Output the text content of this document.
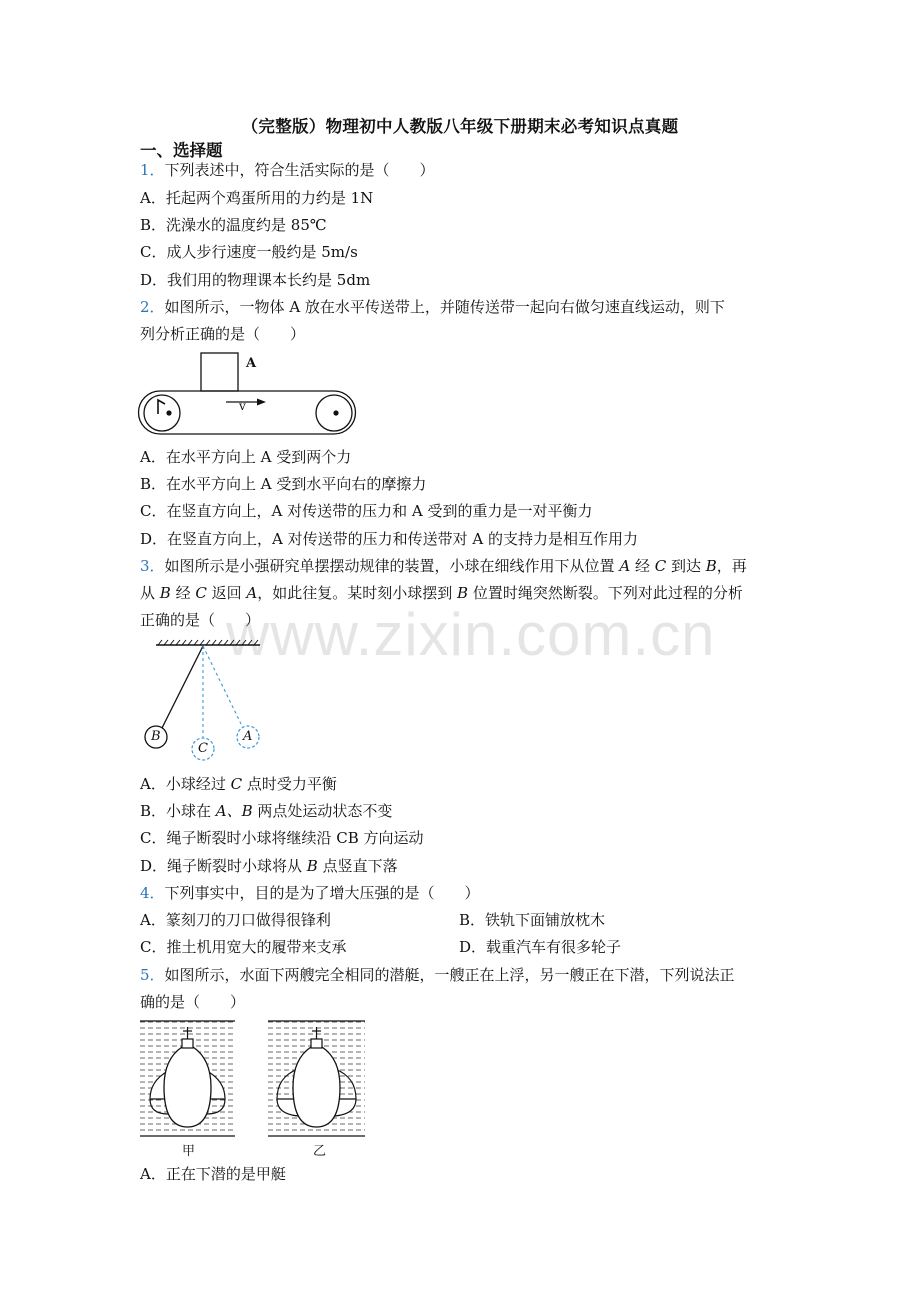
（完整版）物理初中人教版八年级下册期末必考知识点真题
一、选择题
www.zixin.com.cn
1．下列表述中，符合生活实际的是（　　）
A．托起两个鸡蛋所用的力约是 1N
B．洗澡水的温度约是 85℃
C．成人步行速度一般约是 5m/s
D．我们用的物理课本长约是 5dm
2．如图所示，一物体 A 放在水平传送带上，并随传送带一起向右做匀速直线运动，则下
列分析正确的是（　　）
A
v
A．在水平方向上 A 受到两个力
B．在水平方向上 A 受到水平向右的摩擦力
C．在竖直方向上，A 对传送带的压力和 A 受到的重力是一对平衡力
D．在竖直方向上，A 对传送带的压力和传送带对 A 的支持力是相互作用力
3．如图所示是小强研究单摆摆动规律的装置，小球在细线作用下从位置 A 经 C 到达 B，再
从 B 经 C 返回 A，如此往复。某时刻小球摆到 B 位置时绳突然断裂。下列对此过程的分析
正确的是（　　）
B
C
A
A．小球经过 C 点时受力平衡
B．小球在 A、B 两点处运动状态不变
C．绳子断裂时小球将继续沿 CB 方向运动
D．绳子断裂时小球将从 B 点竖直下落
4．下列事实中，目的是为了增大压强的是（　　）
A．篆刻刀的刀口做得很锋利	B．铁轨下面铺放枕木
C．推土机用宽大的履带来支承	D．载重汽车有很多轮子
5．如图所示，水面下两艘完全相同的潜艇，一艘正在上浮，另一艘正在下潜，下列说法正
确的是（　　）
甲	乙
A．正在下潜的是甲艇
